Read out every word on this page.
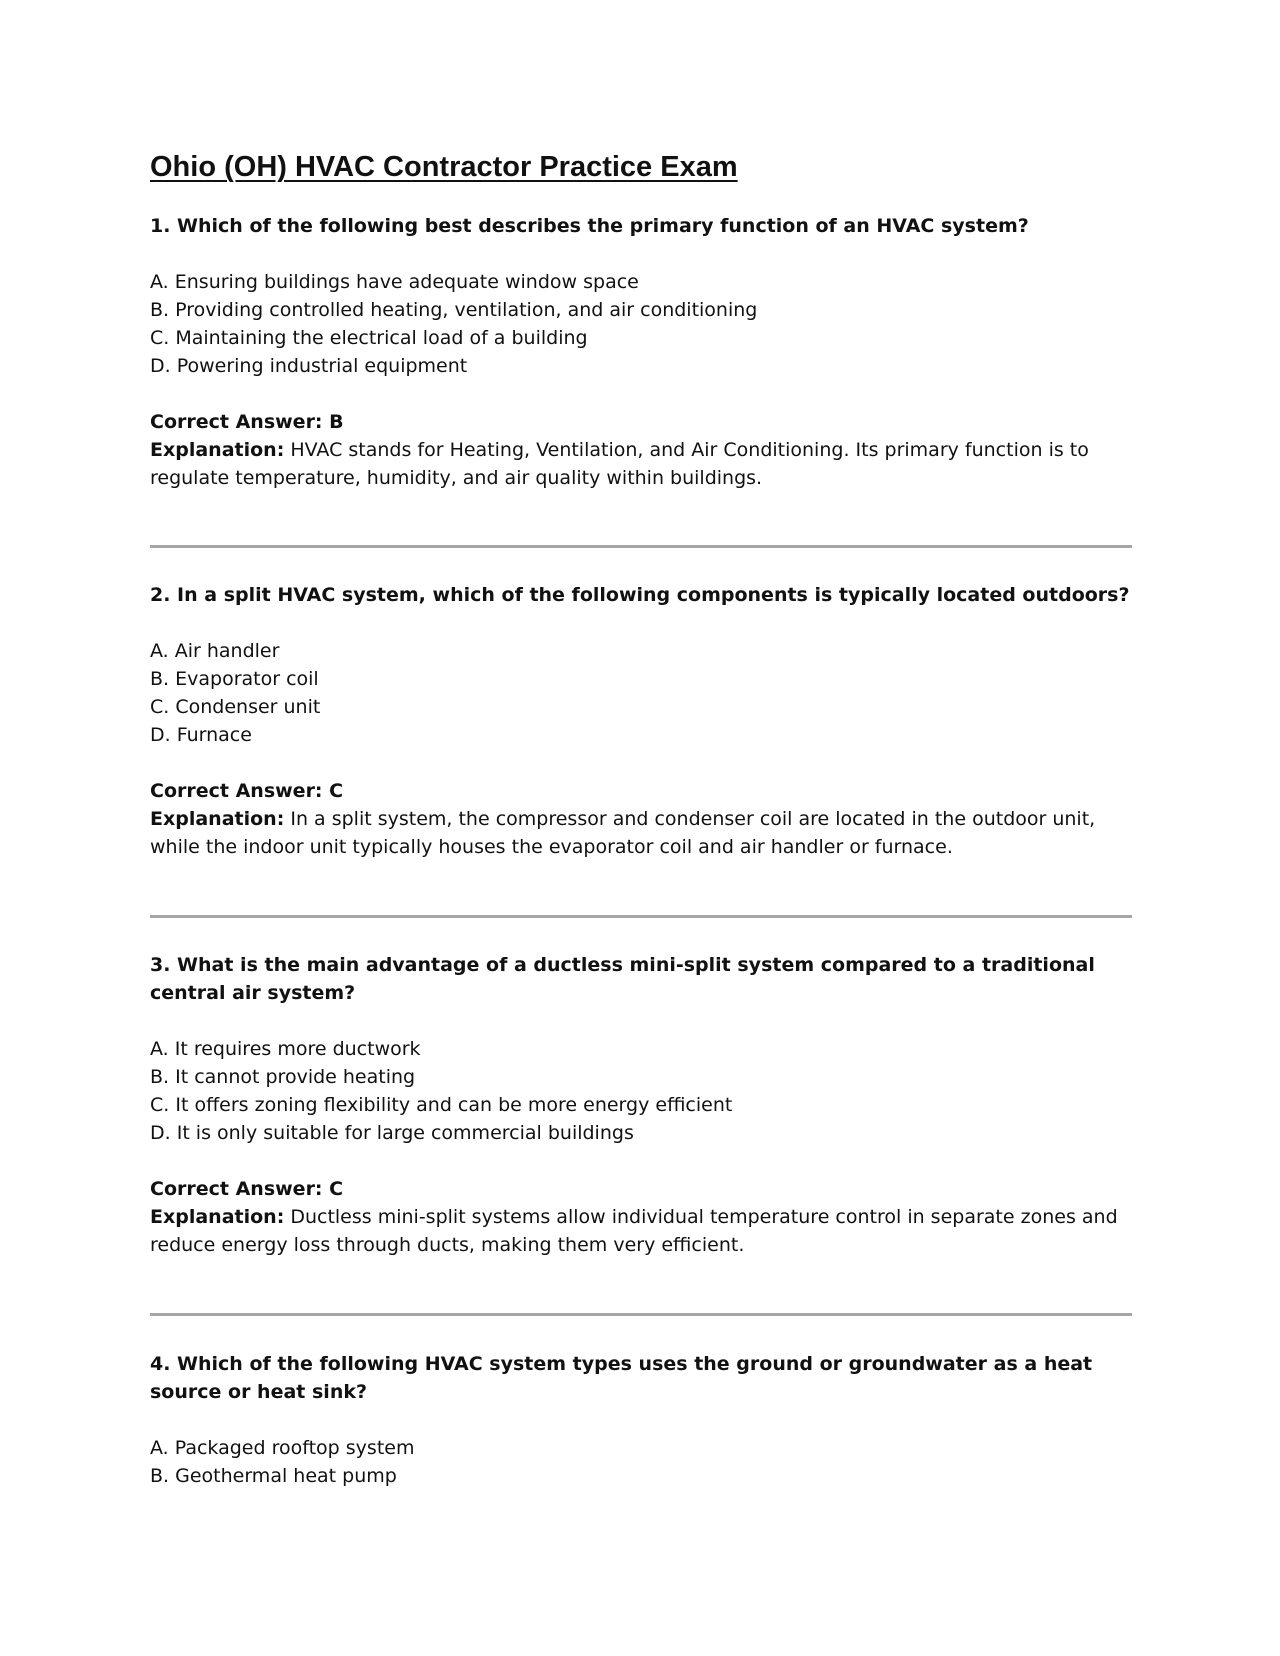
Ohio (OH) HVAC Contractor Practice Exam

1. Which of the following best describes the primary function of an HVAC system?

A. Ensuring buildings have adequate window space
B. Providing controlled heating, ventilation, and air conditioning
C. Maintaining the electrical load of a building
D. Powering industrial equipment

Correct Answer: B

Explanation: HVAC stands for Heating, Ventilation, and Air Conditioning. Its primary function is to regulate temperature, humidity, and air quality within buildings.

2. In a split HVAC system, which of the following components is typically located outdoors?

A. Air handler
B. Evaporator coil
C. Condenser unit
D. Furnace

Correct Answer: C

Explanation: In a split system, the compressor and condenser coil are located in the outdoor unit, while the indoor unit typically houses the evaporator coil and air handler or furnace.

3. What is the main advantage of a ductless mini-split system compared to a traditional central air system?

A. It requires more ductwork
B. It cannot provide heating
C. It offers zoning flexibility and can be more energy efficient
D. It is only suitable for large commercial buildings

Correct Answer: C

Explanation: Ductless mini-split systems allow individual temperature control in separate zones and reduce energy loss through ducts, making them very efficient.

4. Which of the following HVAC system types uses the ground or groundwater as a heat source or heat sink?

A. Packaged rooftop system
B. Geothermal heat pump
